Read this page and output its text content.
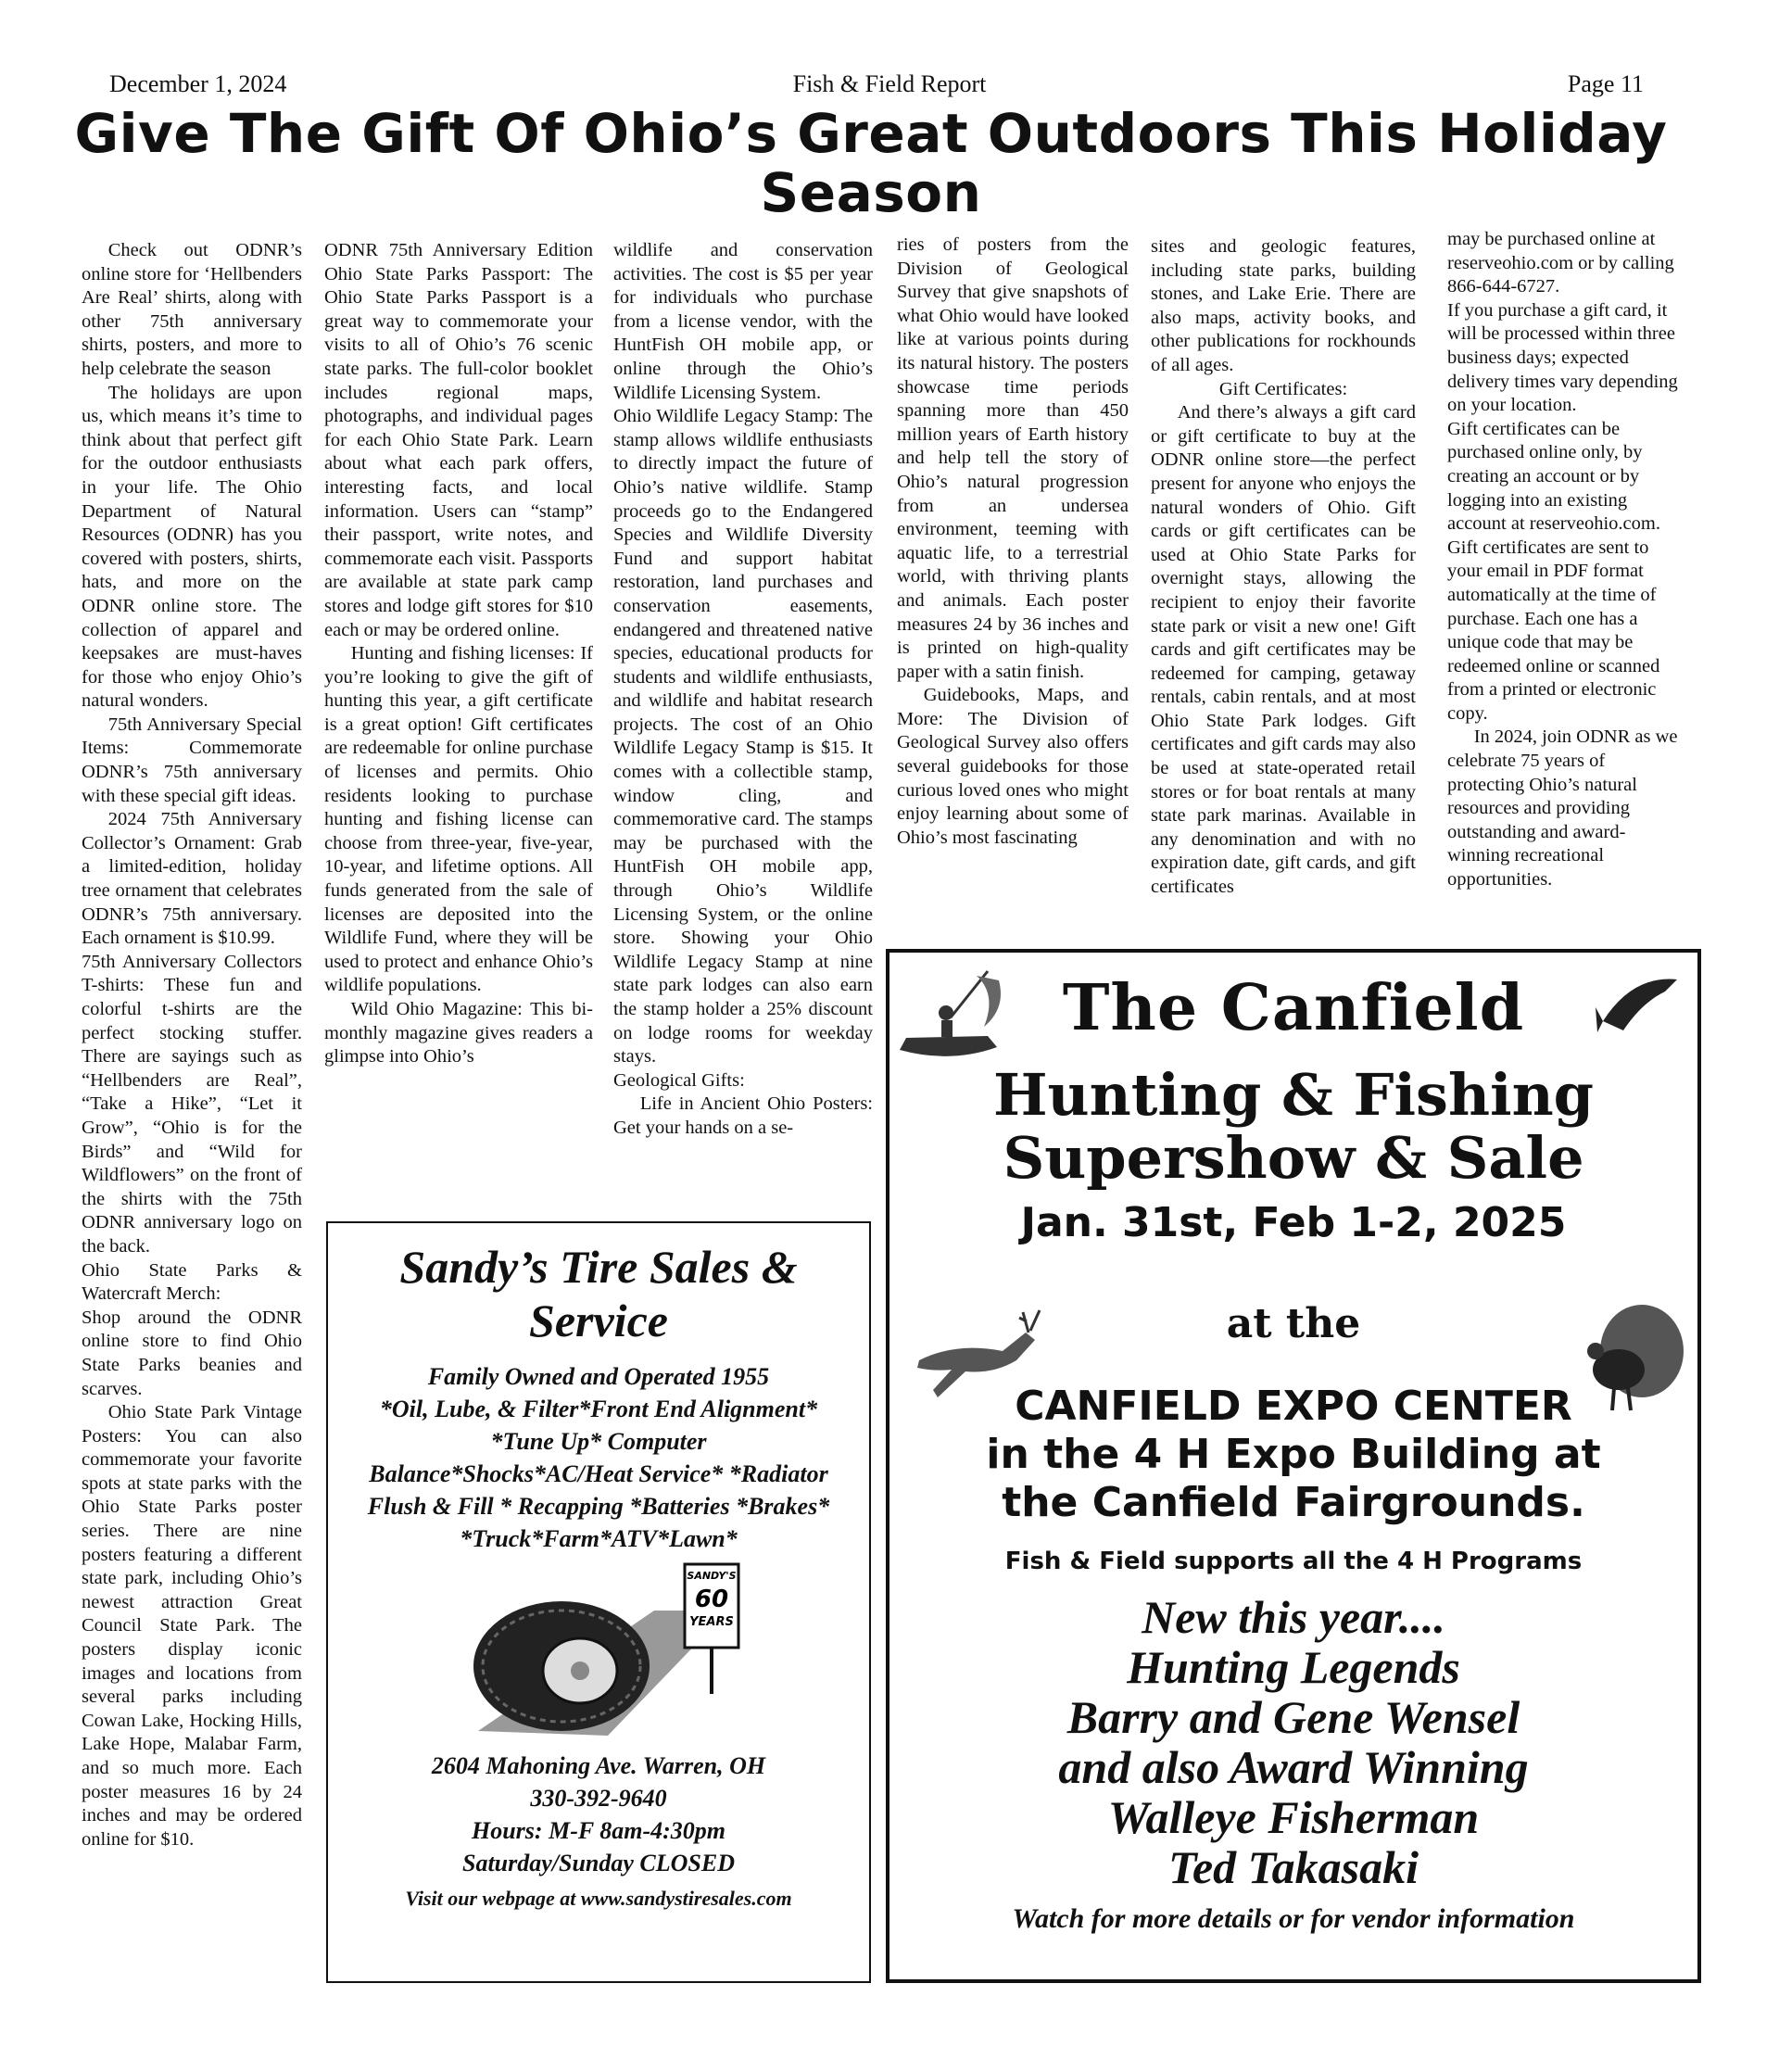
December 1, 2024	Fish & Field Report	Page 11
Give The Gift Of Ohio’s Great Outdoors This Holiday Season

Check out ODNR’s online store for ‘Hellbenders Are Real’ shirts, along with other 75th anniversary shirts, posters, and more to help celebrate the season

The holidays are upon us, which means it’s time to think about that perfect gift for the outdoor enthusiasts in your life. The Ohio Department of Natural Resources (ODNR) has you covered with posters, shirts, hats, and more on the ODNR online store. The collection of apparel and keepsakes are must-haves for those who enjoy Ohio’s natural wonders.

75th Anniversary Special Items: Commemorate ODNR’s 75th anniversary with these special gift ideas.

2024 75th Anniversary Collector’s Ornament: Grab a limited-edition, holiday tree ornament that celebrates ODNR’s 75th anniversary. Each ornament is $10.99.

75th Anniversary Collectors T-shirts: These fun and colorful t-shirts are the perfect stocking stuffer. There are sayings such as “Hellbenders are Real”, “Take a Hike”, “Let it Grow”, “Ohio is for the Birds” and “Wild for Wildflowers” on the front of the shirts with the 75th ODNR anniversary logo on the back.

Ohio State Parks & Watercraft Merch:

Shop around the ODNR online store to find Ohio State Parks beanies and scarves.

Ohio State Park Vintage Posters: You can also commemorate your favorite spots at state parks with the Ohio State Parks poster series. There are nine posters featuring a different state park, including Ohio’s newest attraction Great Council State Park. The posters display iconic images and locations from several parks including Cowan Lake, Hocking Hills, Lake Hope, Malabar Farm, and so much more. Each poster measures 16 by 24 inches and may be ordered online for $10.

ODNR 75th Anniversary Edition Ohio State Parks Passport: The Ohio State Parks Passport is a great way to commemorate your visits to all of Ohio’s 76 scenic state parks. The full-color booklet includes regional maps, photographs, and individual pages for each Ohio State Park. Learn about what each park offers, interesting facts, and local information. Users can “stamp” their passport, write notes, and commemorate each visit. Passports are available at state park camp stores and lodge gift stores for $10 each or may be ordered online.

Hunting and fishing licenses: If you’re looking to give the gift of hunting this year, a gift certificate is a great option! Gift certificates are redeemable for online purchase of licenses and permits. Ohio residents looking to purchase hunting and fishing license can choose from three-year, five-year, 10-year, and lifetime options. All funds generated from the sale of licenses are deposited into the Wildlife Fund, where they will be used to protect and enhance Ohio’s wildlife populations.

Wild Ohio Magazine: This bi-monthly magazine gives readers a glimpse into Ohio’s

wildlife and conservation activities. The cost is $5 per year for individuals who purchase from a license vendor, with the HuntFish OH mobile app, or online through the Ohio’s Wildlife Licensing System.

Ohio Wildlife Legacy Stamp: The stamp allows wildlife enthusiasts to directly impact the future of Ohio’s native wildlife. Stamp proceeds go to the Endangered Species and Wildlife Diversity Fund and support habitat restoration, land purchases and conservation easements, endangered and threatened native species, educational products for students and wildlife enthusiasts, and wildlife and habitat research projects. The cost of an Ohio Wildlife Legacy Stamp is $15. It comes with a collectible stamp, window cling, and commemorative card. The stamps may be purchased with the HuntFish OH mobile app, through Ohio’s Wildlife Licensing System, or the online store. Showing your Ohio Wildlife Legacy Stamp at nine state park lodges can also earn the stamp holder a 25% discount on lodge rooms for weekday stays.

Geological Gifts:

Life in Ancient Ohio Posters: Get your hands on a se-

ries of posters from the Division of Geological Survey that give snapshots of what Ohio would have looked like at various points during its natural history. The posters showcase time periods spanning more than 450 million years of Earth history and help tell the story of Ohio’s natural progression from an undersea environment, teeming with aquatic life, to a terrestrial world, with thriving plants and animals. Each poster measures 24 by 36 inches and is printed on high-quality paper with a satin finish.

Guidebooks, Maps, and More: The Division of Geological Survey also offers several guidebooks for those curious loved ones who might enjoy learning about some of Ohio’s most fascinating

sites and geologic features, including state parks, building stones, and Lake Erie. There are also maps, activity books, and other publications for rockhounds of all ages.

Gift Certificates:

And there’s always a gift card or gift certificate to buy at the ODNR online store—the perfect present for anyone who enjoys the natural wonders of Ohio. Gift cards or gift certificates can be used at Ohio State Parks for overnight stays, allowing the recipient to enjoy their favorite state park or visit a new one! Gift cards and gift certificates may be redeemed for camping, getaway rentals, cabin rentals, and at most Ohio State Park lodges. Gift certificates and gift cards may also be used at state-operated retail stores or for boat rentals at many state park marinas. Available in any denomination and with no expiration date, gift cards, and gift certificates

may be purchased online at reserveohio.com or by calling 866-644-6727.

If you purchase a gift card, it will be processed within three business days; expected delivery times vary depending on your location.

Gift certificates can be purchased online only, by creating an account or by logging into an existing account at reserveohio.com. Gift certificates are sent to your email in PDF format automatically at the time of purchase. Each one has a unique code that may be redeemed online or scanned from a printed or electronic copy.

In 2024, join ODNR as we celebrate 75 years of protecting Ohio’s natural resources and providing outstanding and award-winning recreational opportunities.

Sandy’s Tire Sales & Service
Family Owned and Operated 1955
*Oil, Lube, & Filter*Front End Alignment* *Tune Up* Computer Balance*Shocks*AC/Heat Service* *Radiator Flush & Fill * Recapping *Batteries *Brakes* *Truck*Farm*ATV*Lawn*
SANDY'S
60
YEARS
2604 Mahoning Ave. Warren, OH
330-392-9640
Hours: M-F 8am-4:30pm
Saturday/Sunday CLOSED
Visit our webpage at www.sandystiresales.com
The Canfield
Hunting & Fishing
Supershow & Sale
Jan. 31st, Feb 1-2, 2025
at the
CANFIELD EXPO CENTER
in the 4 H Expo Building at
the Canfield Fairgrounds.
Fish & Field supports all the 4 H Programs
New this year....
Hunting Legends
Barry and Gene Wensel
and also Award Winning
Walleye Fisherman
Ted Takasaki
Watch for more details or for vendor information
